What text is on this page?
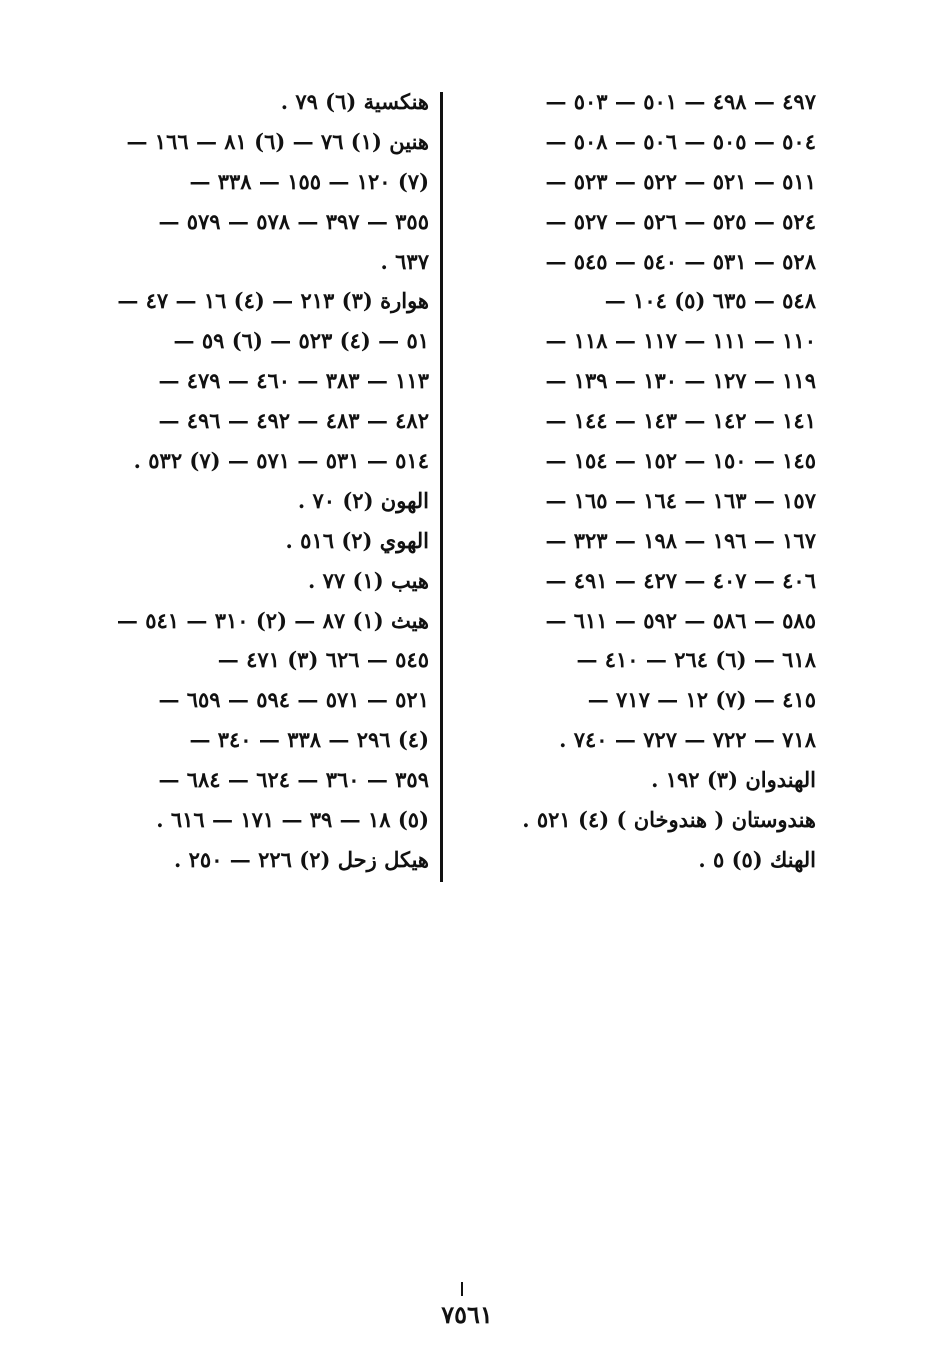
٤٩٧ — ٤٩٨ — ٥٠١ — ٥٠٣ —
٥٠٤ — ٥٠٥ — ٥٠٦ — ٥٠٨ —
٥١١ — ٥٢١ — ٥٢٢ — ٥٢٣ —
٥٢٤ — ٥٢٥ — ٥٢٦ — ٥٢٧ —
٥٢٨ — ٥٣١ — ٥٤٠ — ٥٤٥ —
٥٤٨ — ٦٣٥ (٥) ١٠٤ —
١١٠ — ١١١ — ١١٧ — ١١٨ —
١١٩ — ١٢٧ — ١٣٠ — ١٣٩ —
١٤١ — ١٤٢ — ١٤٣ — ١٤٤ —
١٤٥ — ١٥٠ — ١٥٢ — ١٥٤ —
١٥٧ — ١٦٣ — ١٦٤ — ١٦٥ —
١٦٧ — ١٩٦ — ١٩٨ — ٣٢٣ —
٤٠٦ — ٤٠٧ — ٤٢٧ — ٤٩١ —
٥٨٥ — ٥٨٦ — ٥٩٢ — ٦١١ —
٦١٨ — (٦) ٢٦٤ — ٤١٠ —
٤١٥ — (٧) ١٢ — ٧١٧ —
٧١٨ — ٧٢٢ — ٧٢٧ — ٧٤٠ .
الهندوان (٣) ١٩٢ .
هندوستان ( هندوخان ) (٤) ٥٢١ .
الهنك (٥) ٥ .
هنكسية (٦) ٧٩ .
هنين (١) ٧٦ — (٦) ٨١ — ١٦٦ —
(٧) ١٢٠ — ١٥٥ — ٣٣٨ —
٣٥٥ — ٣٩٧ — ٥٧٨ — ٥٧٩ —
٦٣٧ .
هوارة (٣) ٢١٣ — (٤) ١٦ — ٤٧ —
٥١ — (٤) ٥٢٣ — (٦) ٥٩ —
١١٣ — ٣٨٣ — ٤٦٠ — ٤٧٩ —
٤٨٢ — ٤٨٣ — ٤٩٢ — ٤٩٦ —
٥١٤ — ٥٣١ — ٥٧١ — (٧) ٥٣٢ .
الهون (٢) ٧٠ .
الهوي (٢) ٥١٦ .
هيب (١) ٧٧ .
هيث (١) ٨٧ — (٢) ٣١٠ — ٥٤١ —
٥٤٥ — ٦٢٦ (٣) ٤٧١ —
٥٢١ — ٥٧١ — ٥٩٤ — ٦٥٩ —
(٤) ٢٩٦ — ٣٣٨ — ٣٤٠ —
٣٥٩ — ٣٦٠ — ٦٢٤ — ٦٨٤ —
(٥) ١٨ — ٣٩ — ١٧١ — ٦١٦ .
هيكل زحل (٢) ٢٢٦ — ٢٥٠ .
٧٥٦١
